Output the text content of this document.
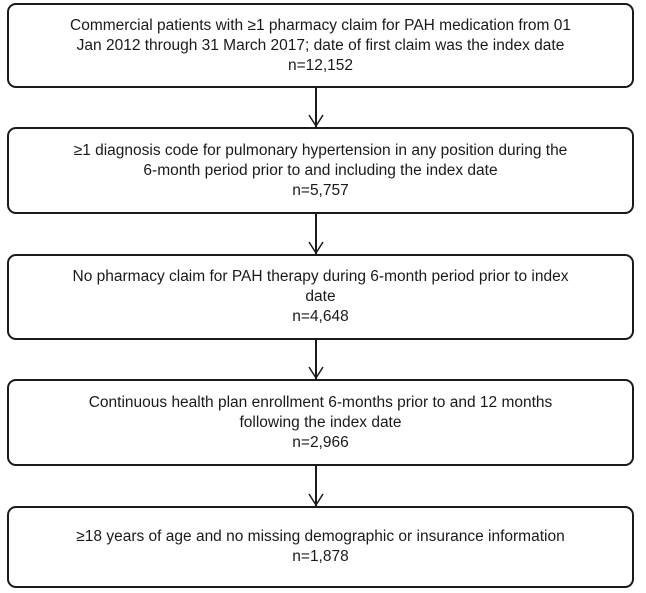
Commercial patients with ≥1 pharmacy claim for PAH medication from 01
Jan 2012 through 31 March 2017; date of first claim was the index date
n=12,152
≥1 diagnosis code for pulmonary hypertension in any position during the
6-month period prior to and including the index date
n=5,757
No pharmacy claim for PAH therapy during 6-month period prior to index
date
n=4,648
Continuous health plan enrollment 6-months prior to and 12 months
following the index date
n=2,966
≥18 years of age and no missing demographic or insurance information
n=1,878
